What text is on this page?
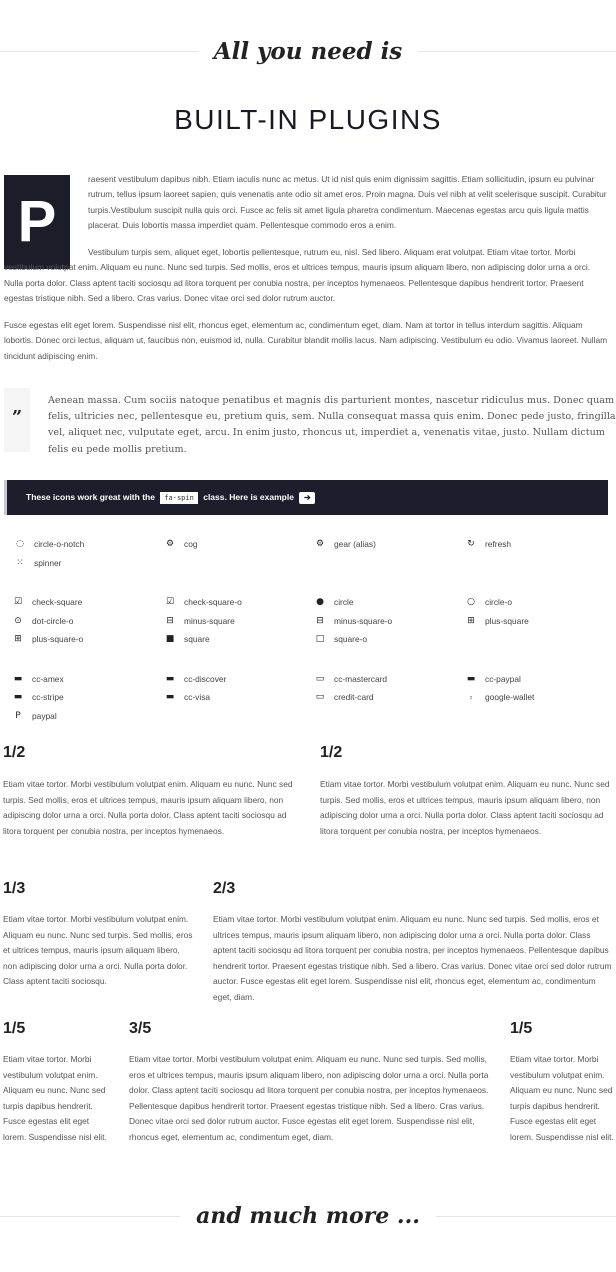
All you need is
BUILT-IN PLUGINS
P

raesent vestibulum dapibus nibh. Etiam iaculis nunc ac metus. Ut id nisl quis enim dignissim sagittis. Etiam sollicitudin, ipsum eu pulvinar rutrum, tellus ipsum laoreet sapien, quis venenatis ante odio sit amet eros. Proin magna. Duis vel nibh at velit scelerisque suscipit. Curabitur turpis.Vestibulum suscipit nulla quis orci. Fusce ac felis sit amet ligula pharetra condimentum. Maecenas egestas arcu quis ligula mattis placerat. Duis lobortis massa imperdiet quam. Pellentesque commodo eros a enim.

Vestibulum turpis sem, aliquet eget, lobortis pellentesque, rutrum eu, nisl. Sed libero. Aliquam erat volutpat. Etiam vitae tortor. Morbi vestibulum volutpat enim. Aliquam eu nunc. Nunc sed turpis. Sed mollis, eros et ultrices tempus, mauris ipsum aliquam libero, non adipiscing dolor urna a orci. Nulla porta dolor. Class aptent taciti sociosqu ad litora torquent per conubia nostra, per inceptos hymenaeos. Pellentesque dapibus hendrerit tortor. Praesent egestas tristique nibh. Sed a libero. Cras varius. Donec vitae orci sed dolor rutrum auctor.

Fusce egestas elit eget lorem. Suspendisse nisl elit, rhoncus eget, elementum ac, condimentum eget, diam. Nam at tortor in tellus interdum sagittis. Aliquam lobortis. Donec orci lectus, aliquam ut, faucibus non, euismod id, nulla. Curabitur blandit mollis lacus. Nam adipiscing. Vestibulum eu odio. Vivamus laoreet. Nullam tincidunt adipiscing enim.

”
Aenean massa. Cum sociis natoque penatibus et magnis dis parturient montes, nascetur ridiculus mus. Donec quam felis, ultricies nec, pellentesque eu, pretium quis, sem. Nulla consequat massa quis enim. Donec pede justo, fringilla vel, aliquet nec, vulputate eget, arcu. In enim justo, rhoncus ut, imperdiet a, venenatis vitae, justo. Nullam dictum felis eu pede mollis pretium.
These icons work great with the fa-spin class. Here is example ➔
◌ circle-o-notch	⚙ cog	⚙ gear (alias)	↻ refresh
⁙ spinner
☑ check-square	☑ check-square-o	● circle	○ circle-o
⊙ dot-circle-o	⊟ minus-square	⊟ minus-square-o	⊞ plus-square
⊞ plus-square-o	■ square	□ square-o
▬ cc-amex	▬ cc-discover	▭ cc-mastercard	▬ cc-paypal
▬ cc-stripe	▬ cc-visa	▭ credit-card	⨾	google-wallet
P	paypal
1/2

Etiam vitae tortor. Morbi vestibulum volutpat enim. Aliquam eu nunc. Nunc sed turpis. Sed mollis, eros et ultrices tempus, mauris ipsum aliquam libero, non adipiscing dolor urna a orci. Nulla porta dolor. Class aptent taciti sociosqu ad litora torquent per conubia nostra, per inceptos hymenaeos.

1/2

Etiam vitae tortor. Morbi vestibulum volutpat enim. Aliquam eu nunc. Nunc sed turpis. Sed mollis, eros et ultrices tempus, mauris ipsum aliquam libero, non adipiscing dolor urna a orci. Nulla porta dolor. Class aptent taciti sociosqu ad litora torquent per conubia nostra, per inceptos hymenaeos.

1/3

Etiam vitae tortor. Morbi vestibulum volutpat enim. Aliquam eu nunc. Nunc sed turpis. Sed mollis, eros et ultrices tempus, mauris ipsum aliquam libero, non adipiscing dolor urna a orci. Nulla porta dolor. Class aptent taciti sociosqu.

2/3

Etiam vitae tortor. Morbi vestibulum volutpat enim. Aliquam eu nunc. Nunc sed turpis. Sed mollis, eros et ultrices tempus, mauris ipsum aliquam libero, non adipiscing dolor urna a orci. Nulla porta dolor. Class aptent taciti sociosqu ad litora torquent per conubia nostra, per inceptos hymenaeos. Pellentesque dapibus hendrerit tortor. Praesent egestas tristique nibh. Sed a libero. Cras varius. Donec vitae orci sed dolor rutrum auctor. Fusce egestas elit eget lorem. Suspendisse nisl elit, rhoncus eget, elementum ac, condimentum eget, diam.

1/5

Etiam vitae tortor. Morbi vestibulum volutpat enim. Aliquam eu nunc. Nunc sed turpis dapibus hendrerit. Fusce egestas elit eget lorem. Suspendisse nisl elit.

3/5

Etiam vitae tortor. Morbi vestibulum volutpat enim. Aliquam eu nunc. Nunc sed turpis. Sed mollis, eros et ultrices tempus, mauris ipsum aliquam libero, non adipiscing dolor urna a orci. Nulla porta dolor. Class aptent taciti sociosqu ad litora torquent per conubia nostra, per inceptos hymenaeos. Pellentesque dapibus hendrerit tortor. Praesent egestas tristique nibh. Sed a libero. Cras varius. Donec vitae orci sed dolor rutrum auctor. Fusce egestas elit eget lorem. Suspendisse nisl elit, rhoncus eget, elementum ac, condimentum eget, diam.

1/5

Etiam vitae tortor. Morbi vestibulum volutpat enim. Aliquam eu nunc. Nunc sed turpis dapibus hendrerit. Fusce egestas elit eget lorem. Suspendisse nisl elit.

and much more ...
